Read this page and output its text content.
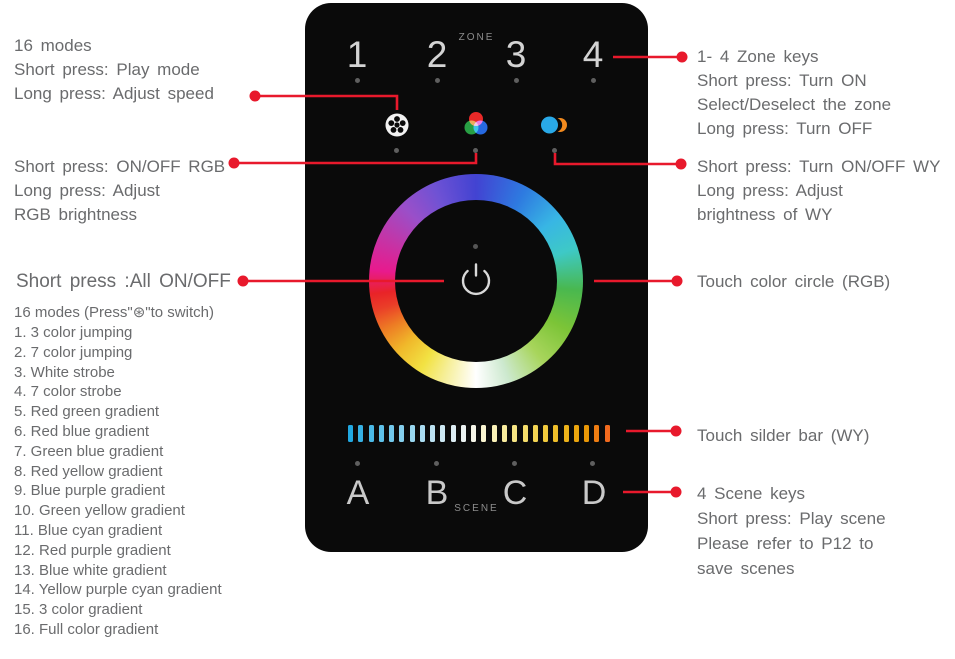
16 modes
Short press: Play mode
Long press: Adjust speed
Short press: ON/OFF RGB
Long press: Adjust
RGB brightness
Short press :All ON/OFF
16 modes (Press"⊛"to switch)
1. 3 color jumping
2. 7 color jumping
3. White strobe
4. 7 color strobe
5. Red green gradient
6. Red blue gradient
7. Green blue gradient
8. Red yellow gradient
9. Blue purple gradient
10. Green yellow gradient
11. Blue cyan gradient
12. Red purple gradient
13. Blue white gradient
14. Yellow purple cyan gradient
15. 3 color gradient
16. Full color gradient
1- 4 Zone keys
Short press: Turn ON
Select/Deselect the zone
Long press: Turn OFF
Short press: Turn ON/OFF WY
Long press: Adjust
brightness of WY
Touch color circle (RGB)
Touch silder bar (WY)
4 Scene keys
Short press: Play scene
Please refer to P12 to
save scenes
ZONE
1	2	3	4
A	B	C	D
SCENE
